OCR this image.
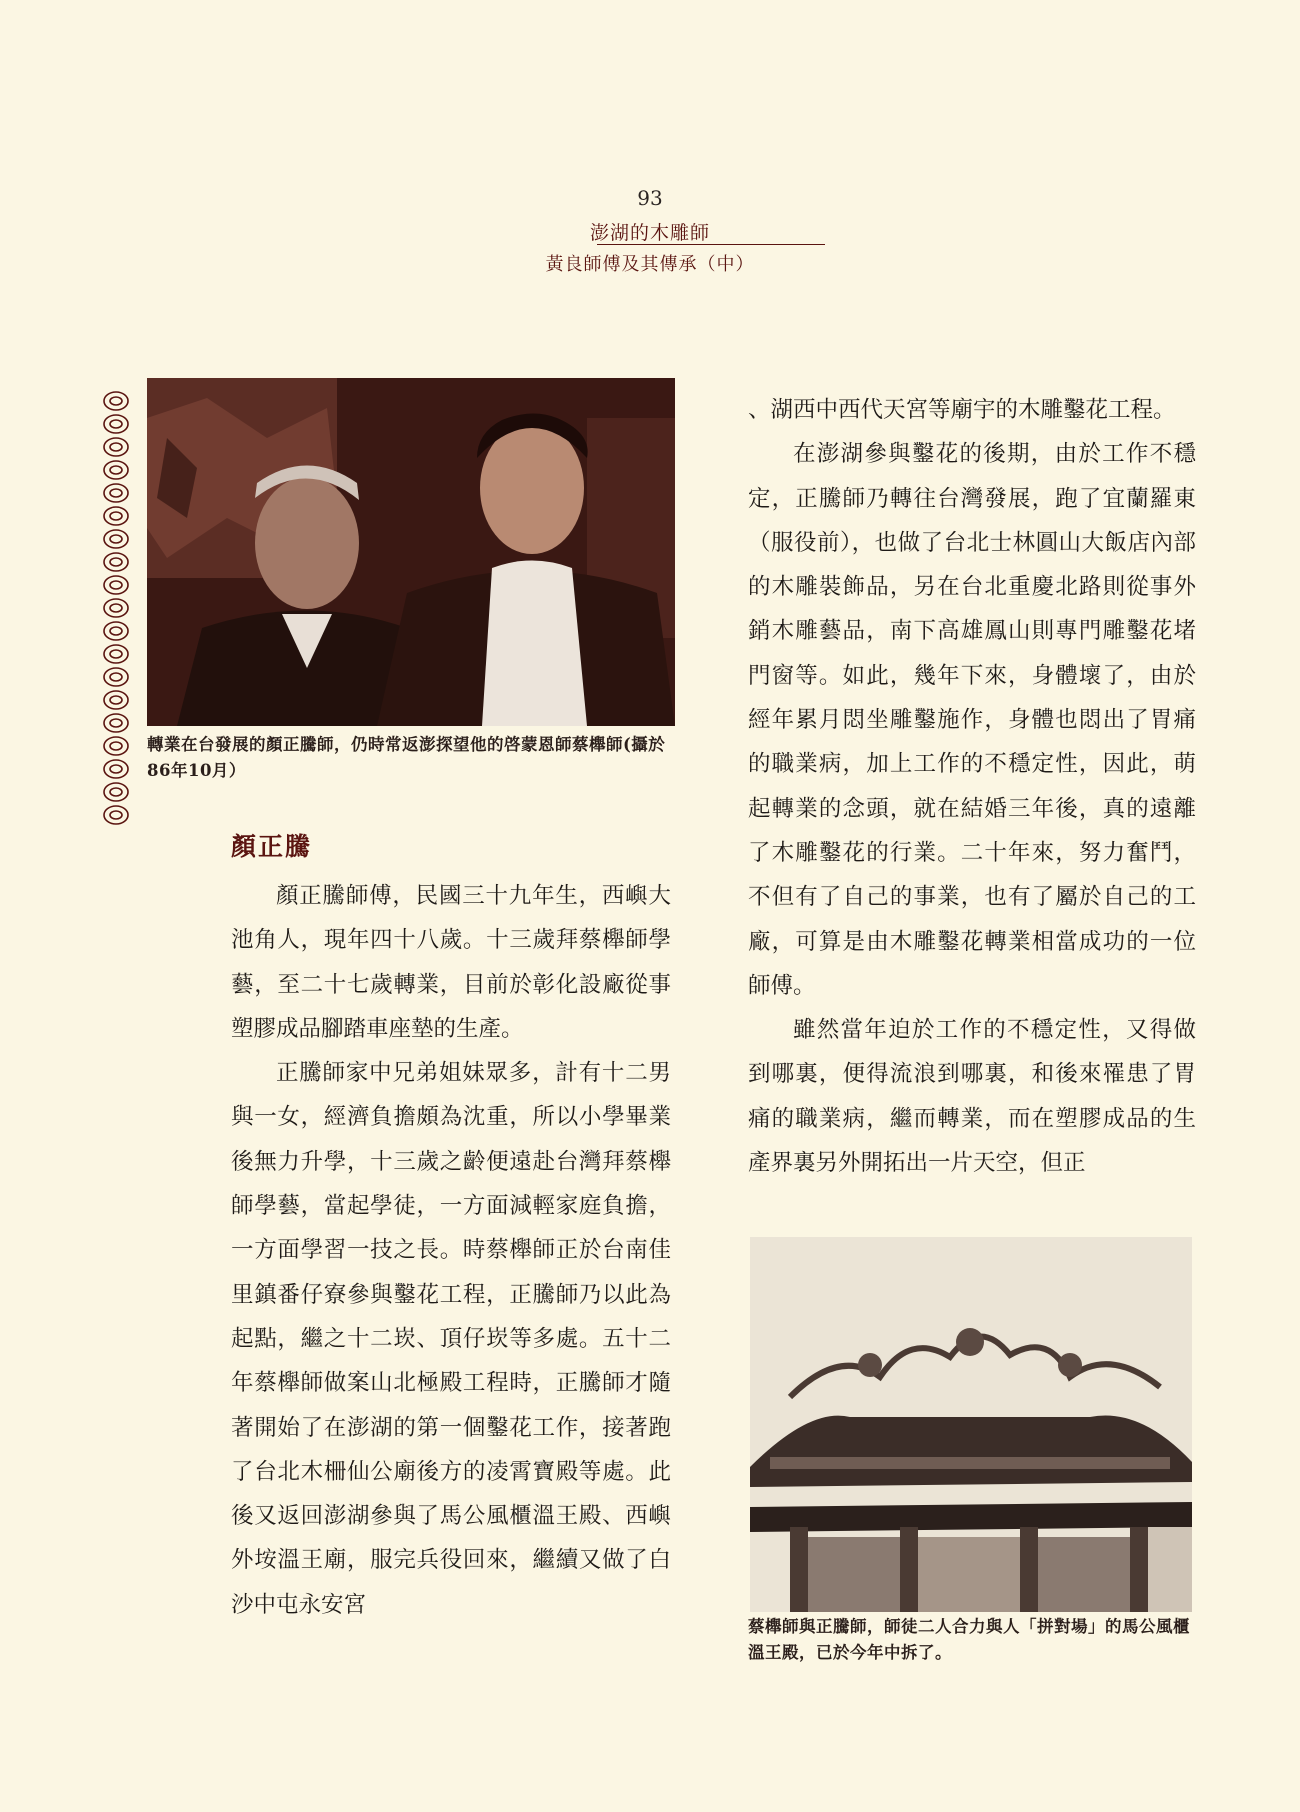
93
澎湖的木雕師
黃良師傅及其傳承（中）
轉業在台發展的顏正騰師，仍時常返澎探望他的啓蒙恩師蔡櫸師(攝於86年10月）
顏正騰

顏正騰師傅，民國三十九年生，西嶼大池角人，現年四十八歲。十三歲拜蔡櫸師學藝，至二十七歲轉業，目前於彰化設廠從事塑膠成品腳踏車座墊的生產。

正騰師家中兄弟姐妹眾多，計有十二男與一女，經濟負擔頗為沈重，所以小學畢業後無力升學，十三歲之齡便遠赴台灣拜蔡櫸師學藝，當起學徒，一方面減輕家庭負擔，一方面學習一技之長。時蔡櫸師正於台南佳里鎮番仔寮參與鑿花工程，正騰師乃以此為起點，繼之十二崁、頂仔崁等多處。五十二年蔡櫸師做案山北極殿工程時，正騰師才隨著開始了在澎湖的第一個鑿花工作，接著跑了台北木柵仙公廟後方的凌霄寶殿等處。此後又返回澎湖參與了馬公風櫃溫王殿、西嶼外垵溫王廟，服完兵役回來，繼續又做了白沙中屯永安宮

、湖西中西代天宮等廟宇的木雕鑿花工程。

在澎湖參與鑿花的後期，由於工作不穩定，正騰師乃轉往台灣發展，跑了宜蘭羅東（服役前），也做了台北士林圓山大飯店內部的木雕裝飾品，另在台北重慶北路則從事外銷木雕藝品，南下高雄鳳山則專門雕鑿花堵門窗等。如此，幾年下來，身體壞了，由於經年累月悶坐雕鑿施作，身體也悶出了胃痛的職業病，加上工作的不穩定性，因此，萌起轉業的念頭，就在結婚三年後，真的遠離了木雕鑿花的行業。二十年來，努力奮鬥，不但有了自己的事業，也有了屬於自己的工廠，可算是由木雕鑿花轉業相當成功的一位師傅。

雖然當年迫於工作的不穩定性，又得做到哪裏，便得流浪到哪裏，和後來罹患了胃痛的職業病，繼而轉業，而在塑膠成品的生產界裏另外開拓出一片天空，但正

蔡櫸師與正騰師，師徒二人合力與人「拼對場」的馬公風櫃溫王殿，已於今年中拆了。
